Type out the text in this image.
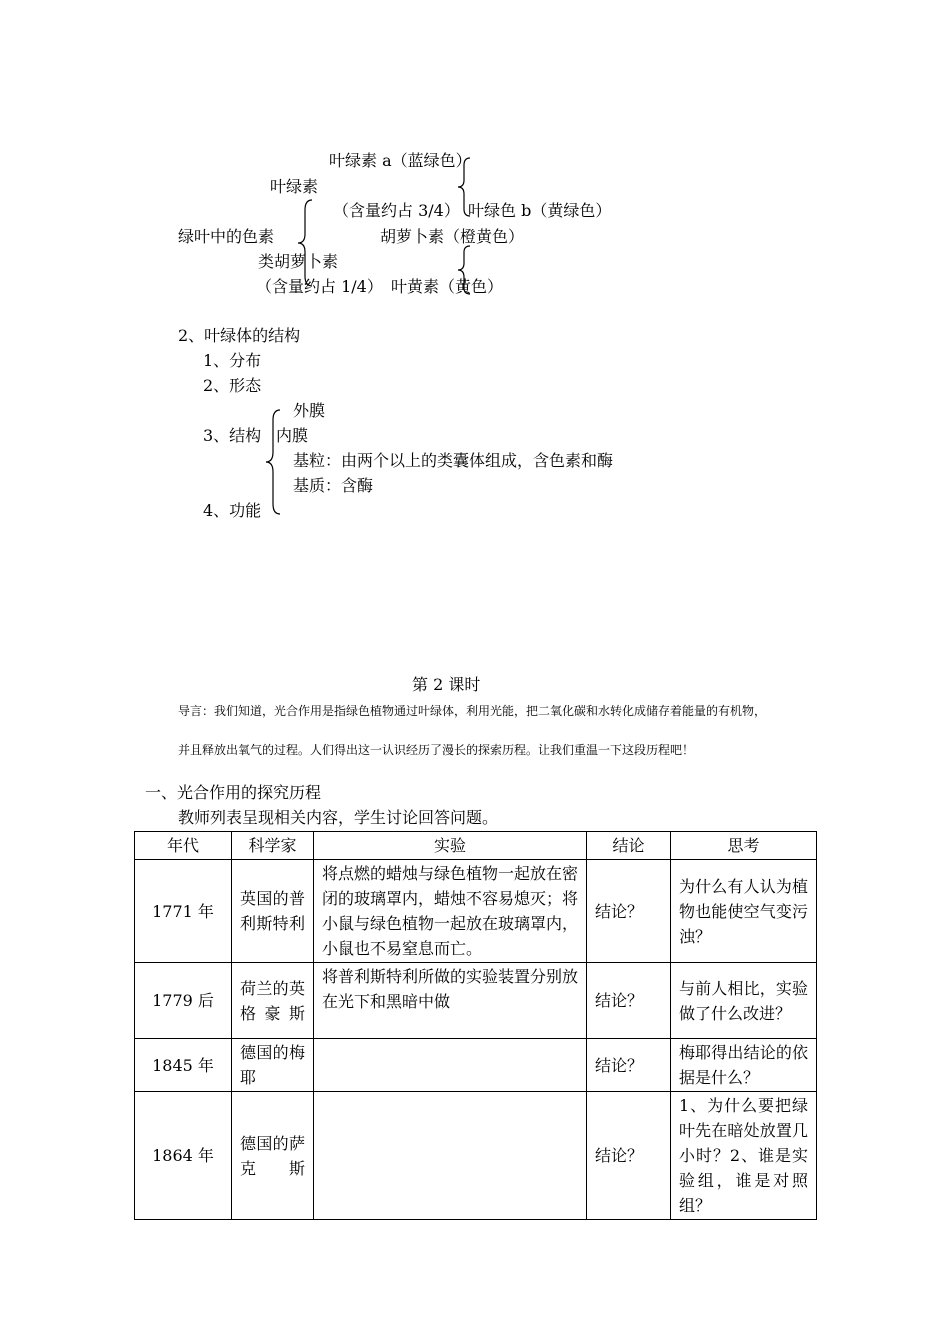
叶绿素 a（蓝绿色）
叶绿素
（含量约占 3/4） 叶绿色 b（黄绿色）
绿叶中的色素	胡萝卜素（橙黄色）
类胡萝卜素
（含量约占 1/4） 叶黄素（黄色）
2、叶绿体的结构
1、分布
2、形态
外膜
3、结构 内膜
基粒：由两个以上的类囊体组成，含色素和酶
基质：含酶
4、功能
第 2 课时
导言：我们知道，光合作用是指绿色植物通过叶绿体，利用光能，把二氧化碳和水转化成储存着能量的有机物，
并且释放出氧气的过程。人们得出这一认识经历了漫长的探索历程。让我们重温一下这段历程吧！
一、光合作用的探究历程
教师列表呈现相关内容，学生讨论回答问题。
年代	科学家	实验	结论	思考
1771 年	英国的普利斯特利	将点燃的蜡烛与绿色植物一起放在密闭的玻璃罩内，蜡烛不容易熄灭；将小鼠与绿色植物一起放在玻璃罩内，小鼠也不易窒息而亡。	结论？	为什么有人认为植物也能使空气变污浊？
1779 后	荷兰的英格豪斯	将普利斯特利所做的实验装置分别放在光下和黑暗中做	结论？	与前人相比，实验做了什么改进？
1845 年	德国的梅耶		结论？	梅耶得出结论的依据是什么？
1864 年	德国的萨克斯		结论？	1、为什么要把绿叶先在暗处放置几小时？2、谁是实验组，谁是对照组？
